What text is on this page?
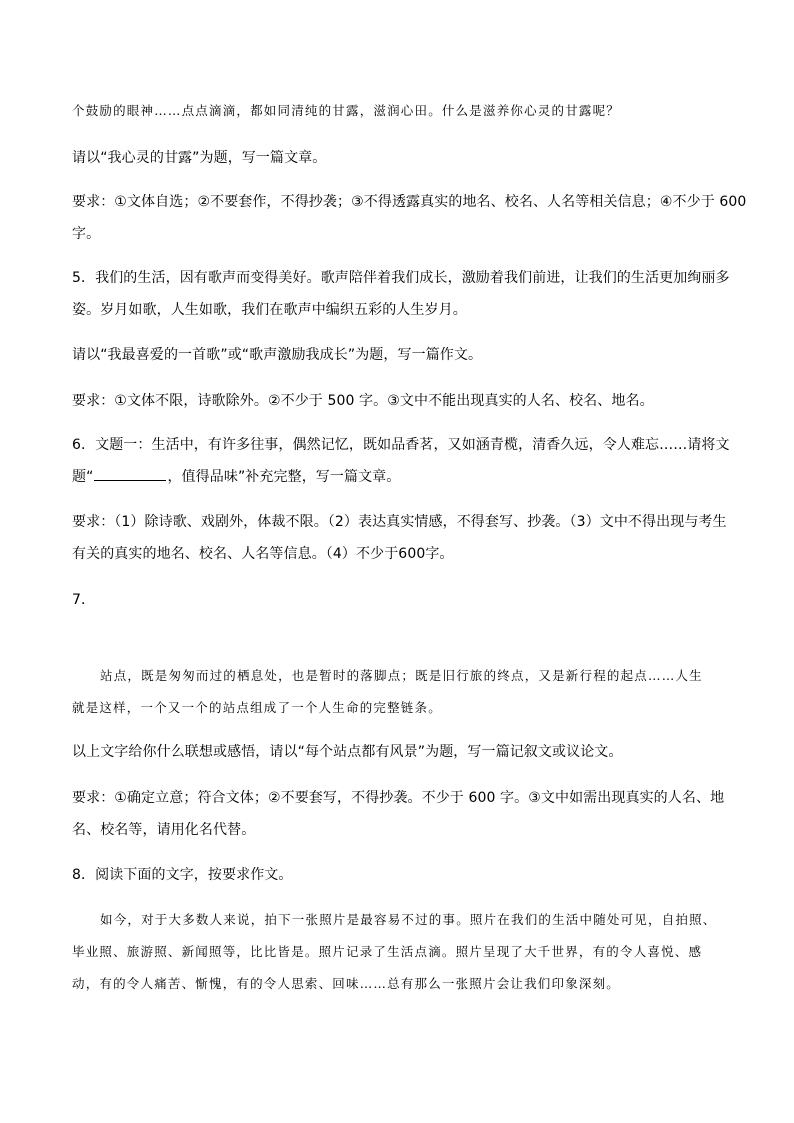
个鼓励的眼神……点点滴滴，都如同清纯的甘露，滋润心田。什么是滋养你心灵的甘露呢？
请以“我心灵的甘露”为题，写一篇文章。
要求：①文体自选；②不要套作，不得抄袭；③不得透露真实的地名、校名、人名等相关信息；④不少于 600
字。
5．我们的生活，因有歌声而变得美好。歌声陪伴着我们成长，激励着我们前进，让我们的生活更加绚丽多
姿。岁月如歌，人生如歌，我们在歌声中编织五彩的人生岁月。
请以“我最喜爱的一首歌”或“歌声激励我成长”为题，写一篇作文。
要求：①文体不限，诗歌除外。②不少于 500 字。③文中不能出现真实的人名、校名、地名。
6．文题一：生活中，有许多往事，偶然记忆，既如品香茗，又如涵青榄，清香久远，令人难忘……请将文
题“	，值得品味”补充完整，写一篇文章。
要求：（1）除诗歌、戏剧外，体裁不限。（2）表达真实情感，不得套写、抄袭。（3）文中不得出现与考生
有关的真实的地名、校名、人名等信息。（4）不少于600字。
7．
站点，既是匆匆而过的栖息处，也是暂时的落脚点；既是旧行旅的终点，又是新行程的起点……人生
就是这样，一个又一个的站点组成了一个人生命的完整链条。
以上文字给你什么联想或感悟，请以“每个站点都有风景”为题，写一篇记叙文或议论文。
要求：①确定立意；符合文体；②不要套写，不得抄袭。不少于 600 字。③文中如需出现真实的人名、地
名、校名等，请用化名代替。
8．阅读下面的文字，按要求作文。
如今，对于大多数人来说，拍下一张照片是最容易不过的事。照片在我们的生活中随处可见，自拍照、
毕业照、旅游照、新闻照等，比比皆是。照片记录了生活点滴。照片呈现了大千世界，有的令人喜悦、感
动，有的令人痛苦、惭愧，有的令人思索、回味……总有那么一张照片会让我们印象深刻。
